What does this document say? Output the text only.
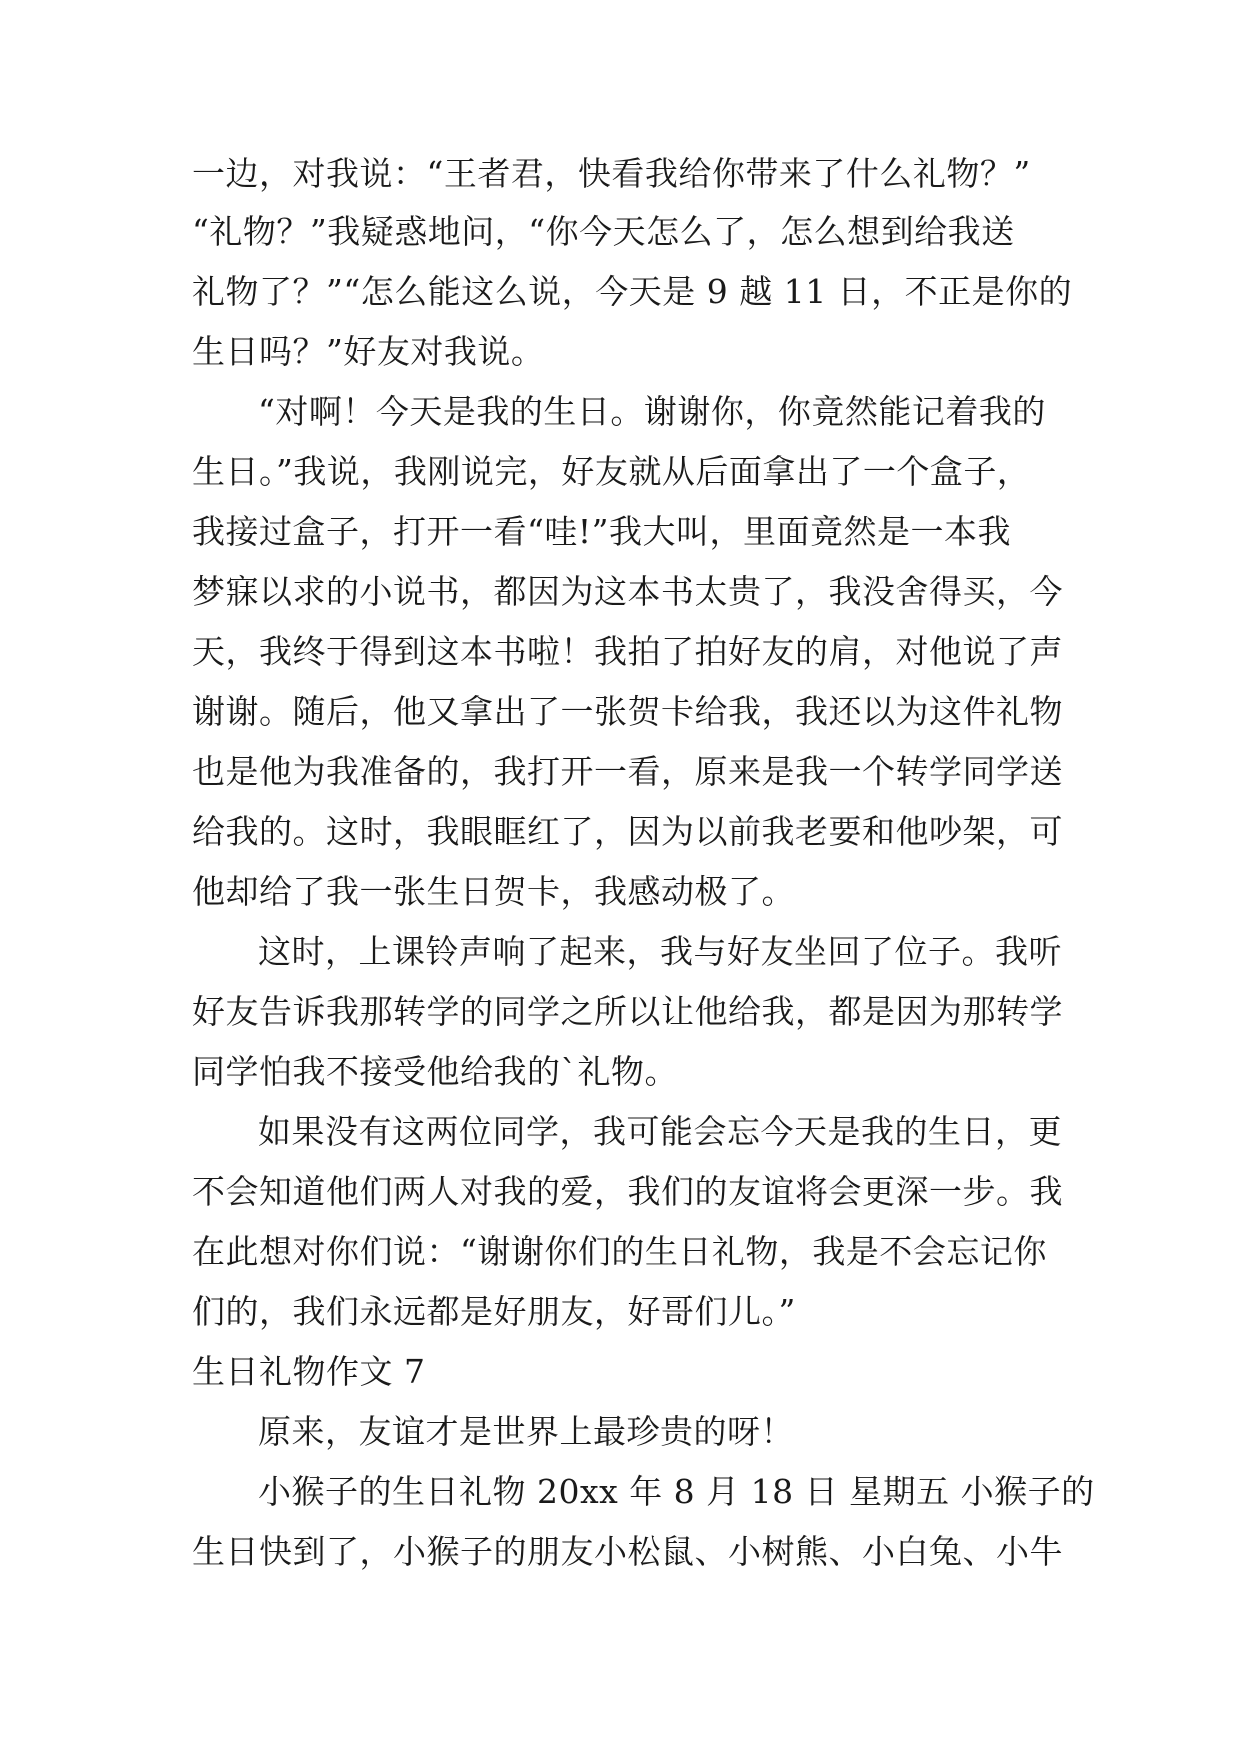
一边，对我说：“王者君，快看我给你带来了什么礼物？”
“礼物？”我疑惑地问，“你今天怎么了，怎么想到给我送
礼物了？”“怎么能这么说，今天是 9 越 11 日，不正是你的
生日吗？”好友对我说。
“对啊！今天是我的生日。谢谢你，你竟然能记着我的
生日。”我说，我刚说完，好友就从后面拿出了一个盒子，
我接过盒子，打开一看“哇!”我大叫，里面竟然是一本我
梦寐以求的小说书，都因为这本书太贵了，我没舍得买，今
天，我终于得到这本书啦！我拍了拍好友的肩，对他说了声
谢谢。随后，他又拿出了一张贺卡给我，我还以为这件礼物
也是他为我准备的，我打开一看，原来是我一个转学同学送
给我的。这时，我眼眶红了，因为以前我老要和他吵架，可
他却给了我一张生日贺卡，我感动极了。
这时，上课铃声响了起来，我与好友坐回了位子。我听
好友告诉我那转学的同学之所以让他给我，都是因为那转学
同学怕我不接受他给我的`礼物。
如果没有这两位同学，我可能会忘今天是我的生日，更
不会知道他们两人对我的爱，我们的友谊将会更深一步。我
在此想对你们说：“谢谢你们的生日礼物，我是不会忘记你
们的，我们永远都是好朋友，好哥们儿。”
生日礼物作文 7
原来，友谊才是世界上最珍贵的呀！
小猴子的生日礼物 20xx 年 8 月 18 日 星期五 小猴子的
生日快到了，小猴子的朋友小松鼠、小树熊、小白兔、小牛
